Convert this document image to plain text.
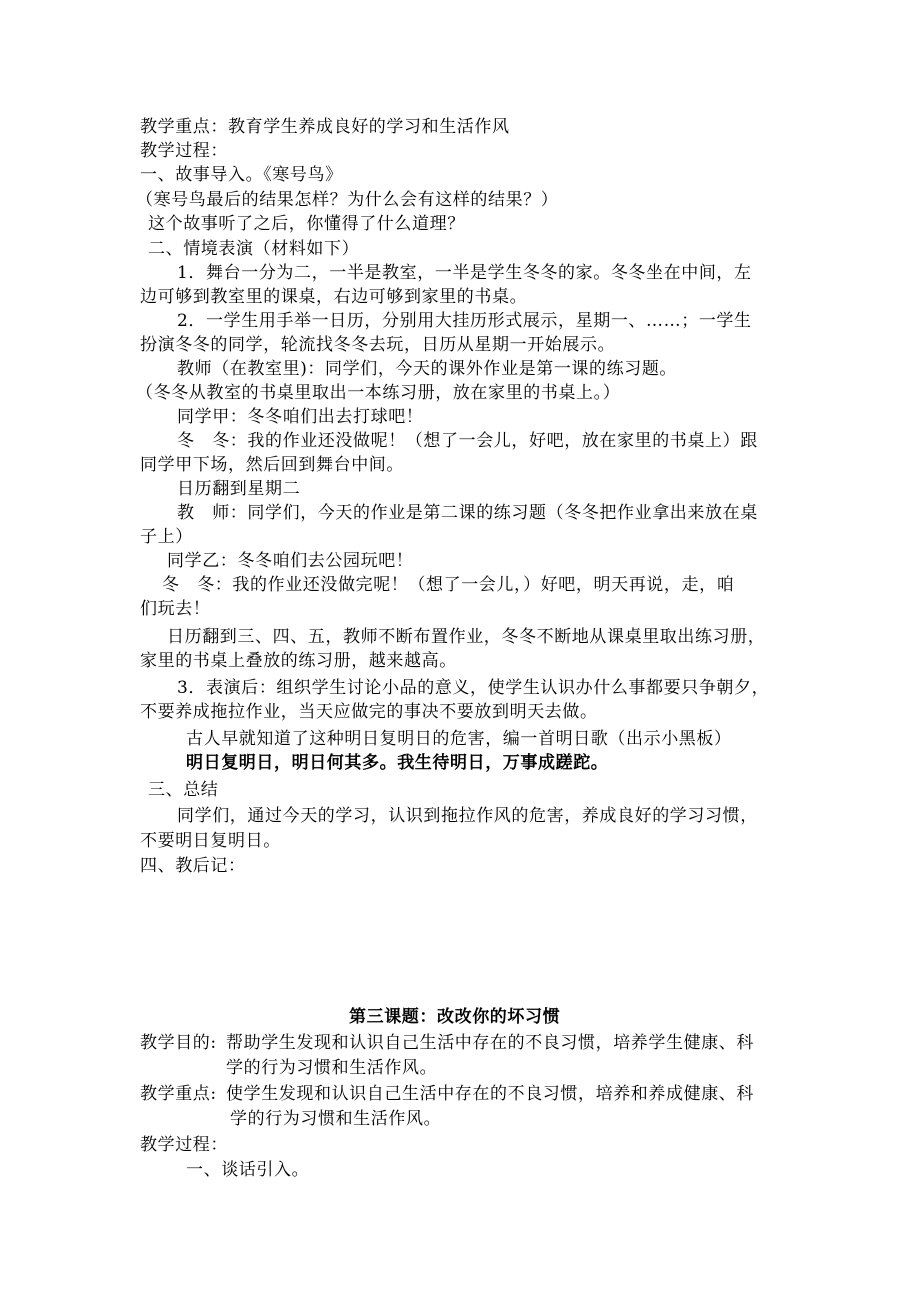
教学重点：教育学生养成良好的学习和生活作风
教学过程：
一、故事导入。《寒号鸟》
（寒号鸟最后的结果怎样？为什么会有这样的结果？）
这个故事听了之后，你懂得了什么道理？
二、情境表演（材料如下）
1．舞台一分为二，一半是教室，一半是学生冬冬的家。冬冬坐在中间，左
边可够到教室里的课桌，右边可够到家里的书桌。
2．一学生用手举一日历，分别用大挂历形式展示，星期一、……；一学生
扮演冬冬的同学，轮流找冬冬去玩，日历从星期一开始展示。
教师（在教室里)：同学们，今天的课外作业是第一课的练习题。
（冬冬从教室的书桌里取出一本练习册，放在家里的书桌上。）
同学甲：冬冬咱们出去打球吧！
冬　冬：我的作业还没做呢！（想了一会儿，好吧，放在家里的书桌上）跟
同学甲下场，然后回到舞台中间。
日历翻到星期二
教　师：同学们，今天的作业是第二课的练习题（冬冬把作业拿出来放在桌
子上）
同学乙：冬冬咱们去公园玩吧！
冬　冬：我的作业还没做完呢！（想了一会儿，）好吧，明天再说，走，咱
们玩去！
日历翻到三、四、五，教师不断布置作业，冬冬不断地从课桌里取出练习册，
家里的书桌上叠放的练习册，越来越高。
3．表演后：组织学生讨论小品的意义，使学生认识办什么事都要只争朝夕，
不要养成拖拉作业，当天应做完的事决不要放到明天去做。
古人早就知道了这种明日复明日的危害，编一首明日歌（出示小黑板）
明日复明日，明日何其多。我生待明日，万事成蹉跎。
三、总结
同学们，通过今天的学习，认识到拖拉作风的危害，养成良好的学习习惯，
不要明日复明日。
四、教后记：
第三课题：改改你的坏习惯
教学目的: 帮助学生发现和认识自己生活中存在的不良习惯，培养学生健康、科
学的行为习惯和生活作风。
教学重点: 使学生发现和认识自己生活中存在的不良习惯，培养和养成健康、科
学的行为习惯和生活作风。
教学过程：
一、谈话引入。
